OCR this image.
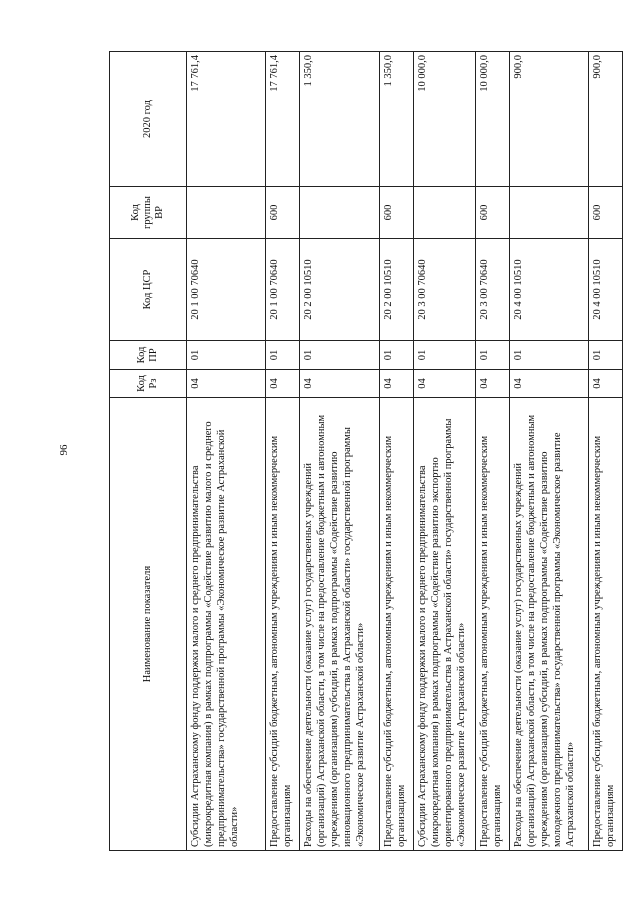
96
Наименование показателя	Код Рз	Код ПР	Код ЦСР	Код группы ВР	2020 год
Субсидии Астраханскому фонду поддержки малого и среднего предпринимательства (микрокредитная компания) в рамках подпрограммы «Содействие развитию малого и среднего предпринимательства» государственной программы «Экономическое развитие Астраханской области»	04	01	20 1 00 70640		17 761,4
Предоставление субсидий бюджетным, автономным учреждениям и иным некоммерческим организациям	04	01	20 1 00 70640	600	17 761,4
Расходы на обеспечение деятельности (оказание услуг) государственных учреждений (организаций) Астраханской области, в том числе на предоставление бюджетным и автономным учреждениям (организациям) субсидий, в рамках подпрограммы «Содействие развитию инновационного предпринимательства в Астраханской области» государственной программы «Экономическое развитие Астраханской области»	04	01	20 2 00 10510		1 350,0
Предоставление субсидий бюджетным, автономным учреждениям и иным некоммерческим организациям	04	01	20 2 00 10510	600	1 350,0
Субсидии Астраханскому фонду поддержки малого и среднего предпринимательства (микрокредитная компания) в рамках подпрограммы «Содействие развитию экспортно ориентированного предпринимательства в Астраханской области» государственной программы «Экономическое развитие Астраханской области»	04	01	20 3 00 70640		10 000,0
Предоставление субсидий бюджетным, автономным учреждениям и иным некоммерческим организациям	04	01	20 3 00 70640	600	10 000,0
Расходы на обеспечение деятельности (оказание услуг) государственных учреждений (организаций) Астраханской области, в том числе на предоставление бюджетным и автономным учреждениям (организациям) субсидий, в рамках подпрограммы «Содействие развитию молодежного предпринимательства» государственной программы «Экономическое развитие Астраханской области»	04	01	20 4 00 10510		900,0
Предоставление субсидий бюджетным, автономным учреждениям и иным некоммерческим организациям	04	01	20 4 00 10510	600	900,0
